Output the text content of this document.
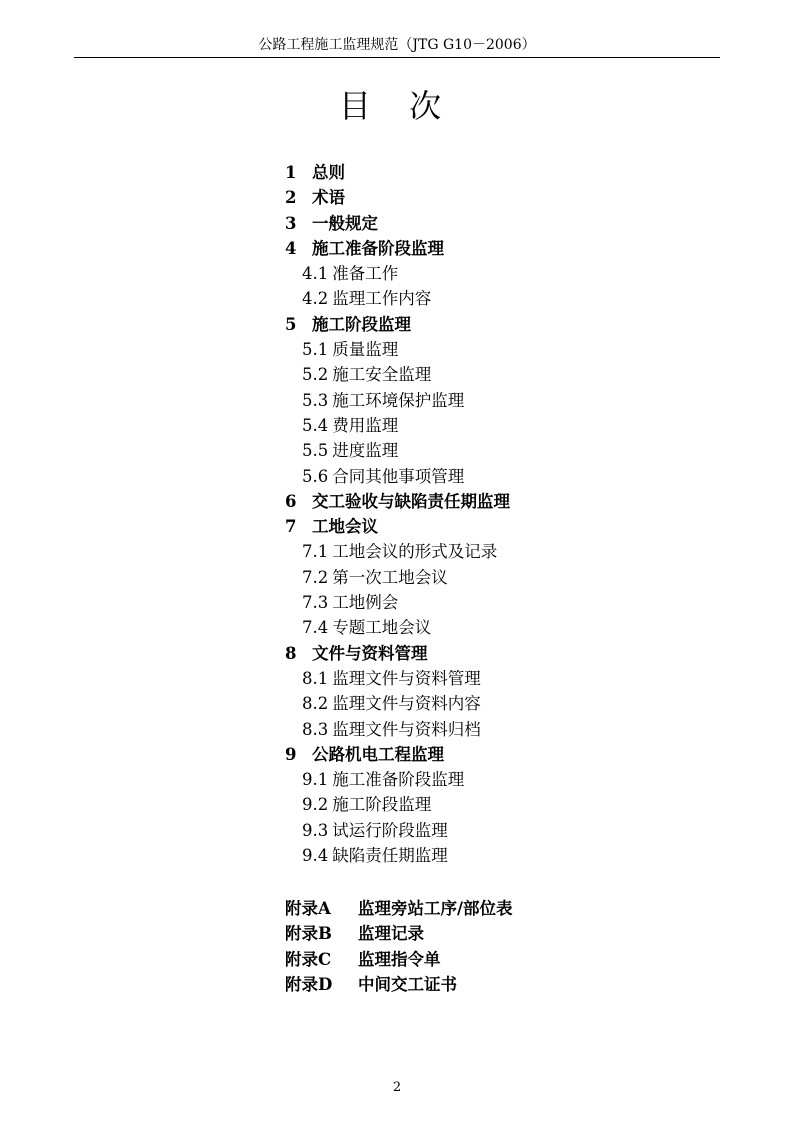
公路工程施工监理规范（JTG G10－2006）
目 次
1 总则
2 术语
3 一般规定
4 施工准备阶段监理
4.1 准备工作
4.2 监理工作内容
5 施工阶段监理
5.1 质量监理
5.2 施工安全监理
5.3 施工环境保护监理
5.4 费用监理
5.5 进度监理
5.6 合同其他事项管理
6 交工验收与缺陷责任期监理
7 工地会议
7.1 工地会议的形式及记录
7.2 第一次工地会议
7.3 工地例会
7.4 专题工地会议
8 文件与资料管理
8.1 监理文件与资料管理
8.2 监理文件与资料内容
8.3 监理文件与资料归档
9 公路机电工程监理
9.1 施工准备阶段监理
9.2 施工阶段监理
9.3 试运行阶段监理
9.4 缺陷责任期监理
附录A 监理旁站工序/部位表
附录B 监理记录
附录C 监理指令单
附录D 中间交工证书
2
